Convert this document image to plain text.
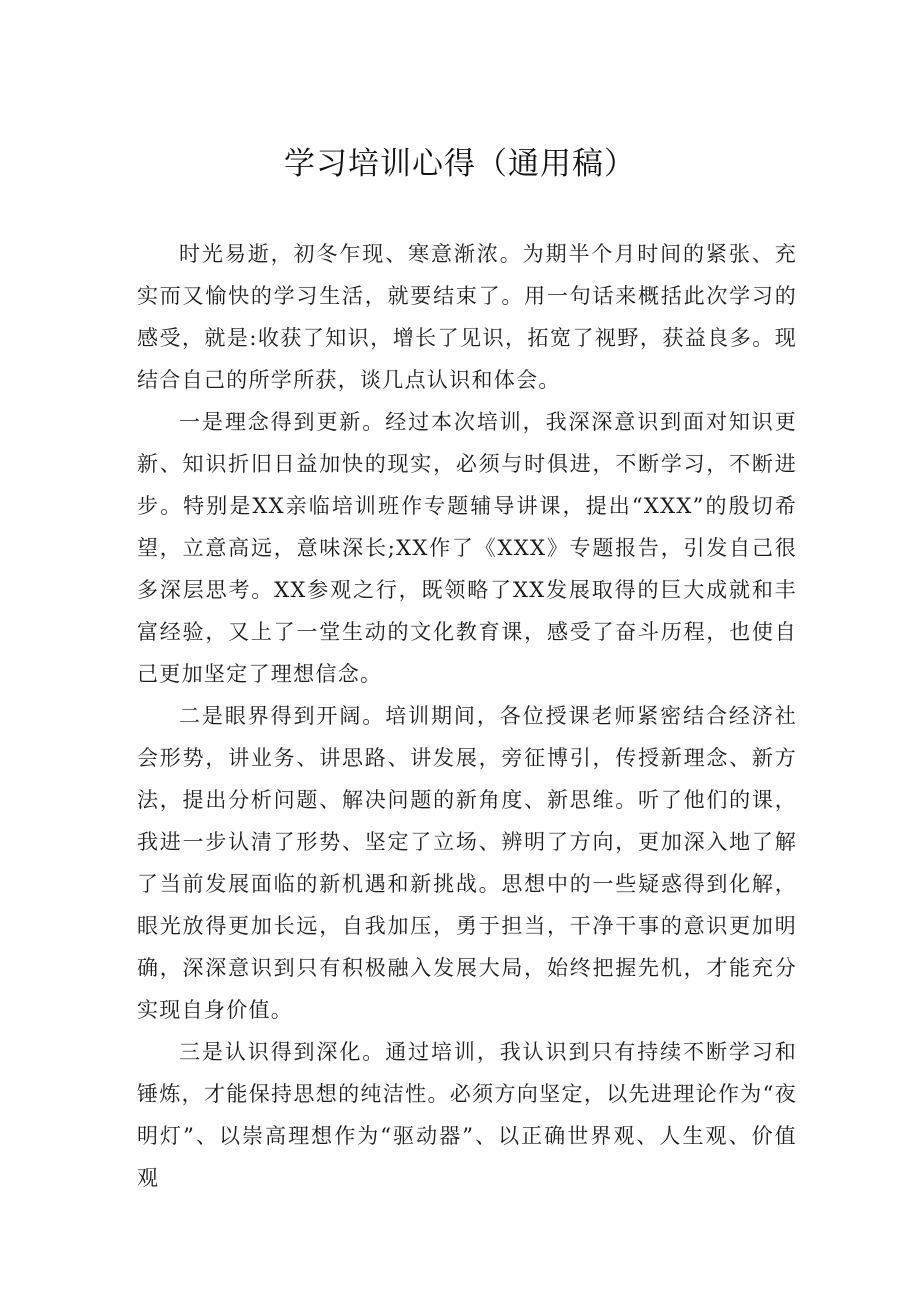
学习培训心得（通用稿）

时光易逝，初冬乍现、寒意渐浓。为期半个月时间的紧张、充实而又愉快的学习生活，就要结束了。用一句话来概括此次学习的感受，就是:收获了知识，增长了见识，拓宽了视野，获益良多。现结合自己的所学所获，谈几点认识和体会。

一是理念得到更新。经过本次培训，我深深意识到面对知识更新、知识折旧日益加快的现实，必须与时俱进，不断学习，不断进步。特别是XX亲临培训班作专题辅导讲课，提出“XXX”的殷切希望，立意高远，意味深长;XX作了《XXX》专题报告，引发自己很多深层思考。XX参观之行，既领略了XX发展取得的巨大成就和丰富经验，又上了一堂生动的文化教育课，感受了奋斗历程，也使自己更加坚定了理想信念。

二是眼界得到开阔。培训期间，各位授课老师紧密结合经济社会形势，讲业务、讲思路、讲发展，旁征博引，传授新理念、新方法，提出分析问题、解决问题的新角度、新思维。听了他们的课，我进一步认清了形势、坚定了立场、辨明了方向，更加深入地了解了当前发展面临的新机遇和新挑战。思想中的一些疑惑得到化解，眼光放得更加长远，自我加压，勇于担当，干净干事的意识更加明确，深深意识到只有积极融入发展大局，始终把握先机，才能充分实现自身价值。

三是认识得到深化。通过培训，我认识到只有持续不断学习和锤炼，才能保持思想的纯洁性。必须方向坚定，以先进理论作为“夜明灯”、以崇高理想作为“驱动器”、以正确世界观、人生观、价值观
